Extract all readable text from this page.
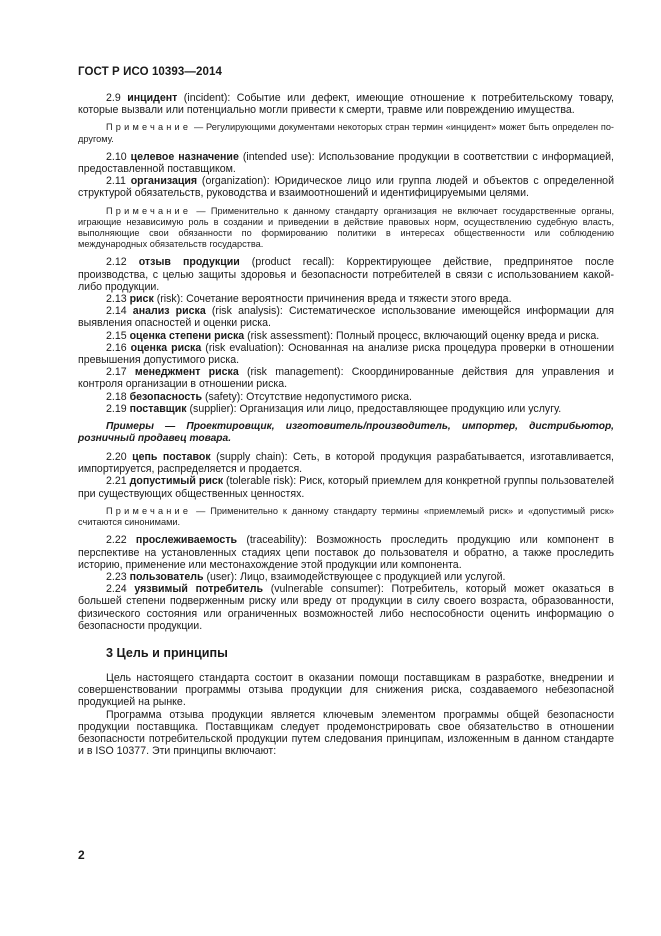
ГОСТ Р ИСО 10393—2014

2.9 инцидент (incident): Событие или дефект, имеющие отношение к потребительскому товару, которые вызвали или потенциально могли привести к смерти, травме или повреждению имущества.

Примечание — Регулирующими документами некоторых стран термин «инцидент» может быть определен по-другому.

2.10 целевое назначение (intended use): Использование продукции в соответствии с информацией, предоставленной поставщиком.

2.11 организация (organization): Юридическое лицо или группа людей и объектов с определенной структурой обязательств, руководства и взаимоотношений и идентифицируемыми целями.

Примечание — Применительно к данному стандарту организация не включает государственные органы, играющие независимую роль в создании и приведении в действие правовых норм, осуществлению судебную власть, выполняющие свои обязанности по формированию политики в интересах общественности или соблюдению международных обязательств государства.

2.12 отзыв продукции (product recall): Корректирующее действие, предпринятое после производства, с целью защиты здоровья и безопасности потребителей в связи с использованием какой-либо продукции.

2.13 риск (risk): Сочетание вероятности причинения вреда и тяжести этого вреда.

2.14 анализ риска (risk analysis): Систематическое использование имеющейся информации для выявления опасностей и оценки риска.

2.15 оценка степени риска (risk assessment): Полный процесс, включающий оценку вреда и риска.

2.16 оценка риска (risk evaluation): Основанная на анализе риска процедура проверки в отношении превышения допустимого риска.

2.17 менеджмент риска (risk management): Скоординированные действия для управления и контроля организации в отношении риска.

2.18 безопасность (safety): Отсутствие недопустимого риска.

2.19 поставщик (supplier): Организация или лицо, предоставляющее продукцию или услугу.

Примеры — Проектировщик, изготовитель/производитель, импортер, дистрибьютор, розничный продавец товара.

2.20 цепь поставок (supply chain): Cеть, в которой продукция разрабатывается, изготавливается, импортируется, распределяется и продается.

2.21 допустимый риск (tolerable risk): Риск, который приемлем для конкретной группы пользователей при существующих общественных ценностях.

Примечание — Применительно к данному стандарту термины «приемлемый риск» и «допустимый риск» считаются синонимами.

2.22 прослеживаемость (traceability): Возможность проследить продукцию или компонент в перспективе на установленных стадиях цепи поставок до пользователя и обратно, а также проследить историю, применение или местонахождение этой продукции или компонента.

2.23 пользователь (user): Лицо, взаимодействующее с продукцией или услугой.

2.24 уязвимый потребитель (vulnerable consumer): Потребитель, который может оказаться в большей степени подверженным риску или вреду от продукции в силу своего возраста, образованности, физического состояния или ограниченных возможностей либо неспособности оценить информацию о безопасности продукции.

3 Цель и принципы

Цель настоящего стандарта состоит в оказании помощи поставщикам в разработке, внедрении и совершенствовании программы отзыва продукции для снижения риска, создаваемого небезопасной продукцией на рынке.

Программа отзыва продукции является ключевым элементом программы общей безопасности продукции поставщика. Поставщикам следует продемонстрировать свое обязательство в отношении безопасности потребительской продукции путем следования принципам, изложенным в данном стандарте и в ISO 10377. Эти принципы включают:

2
